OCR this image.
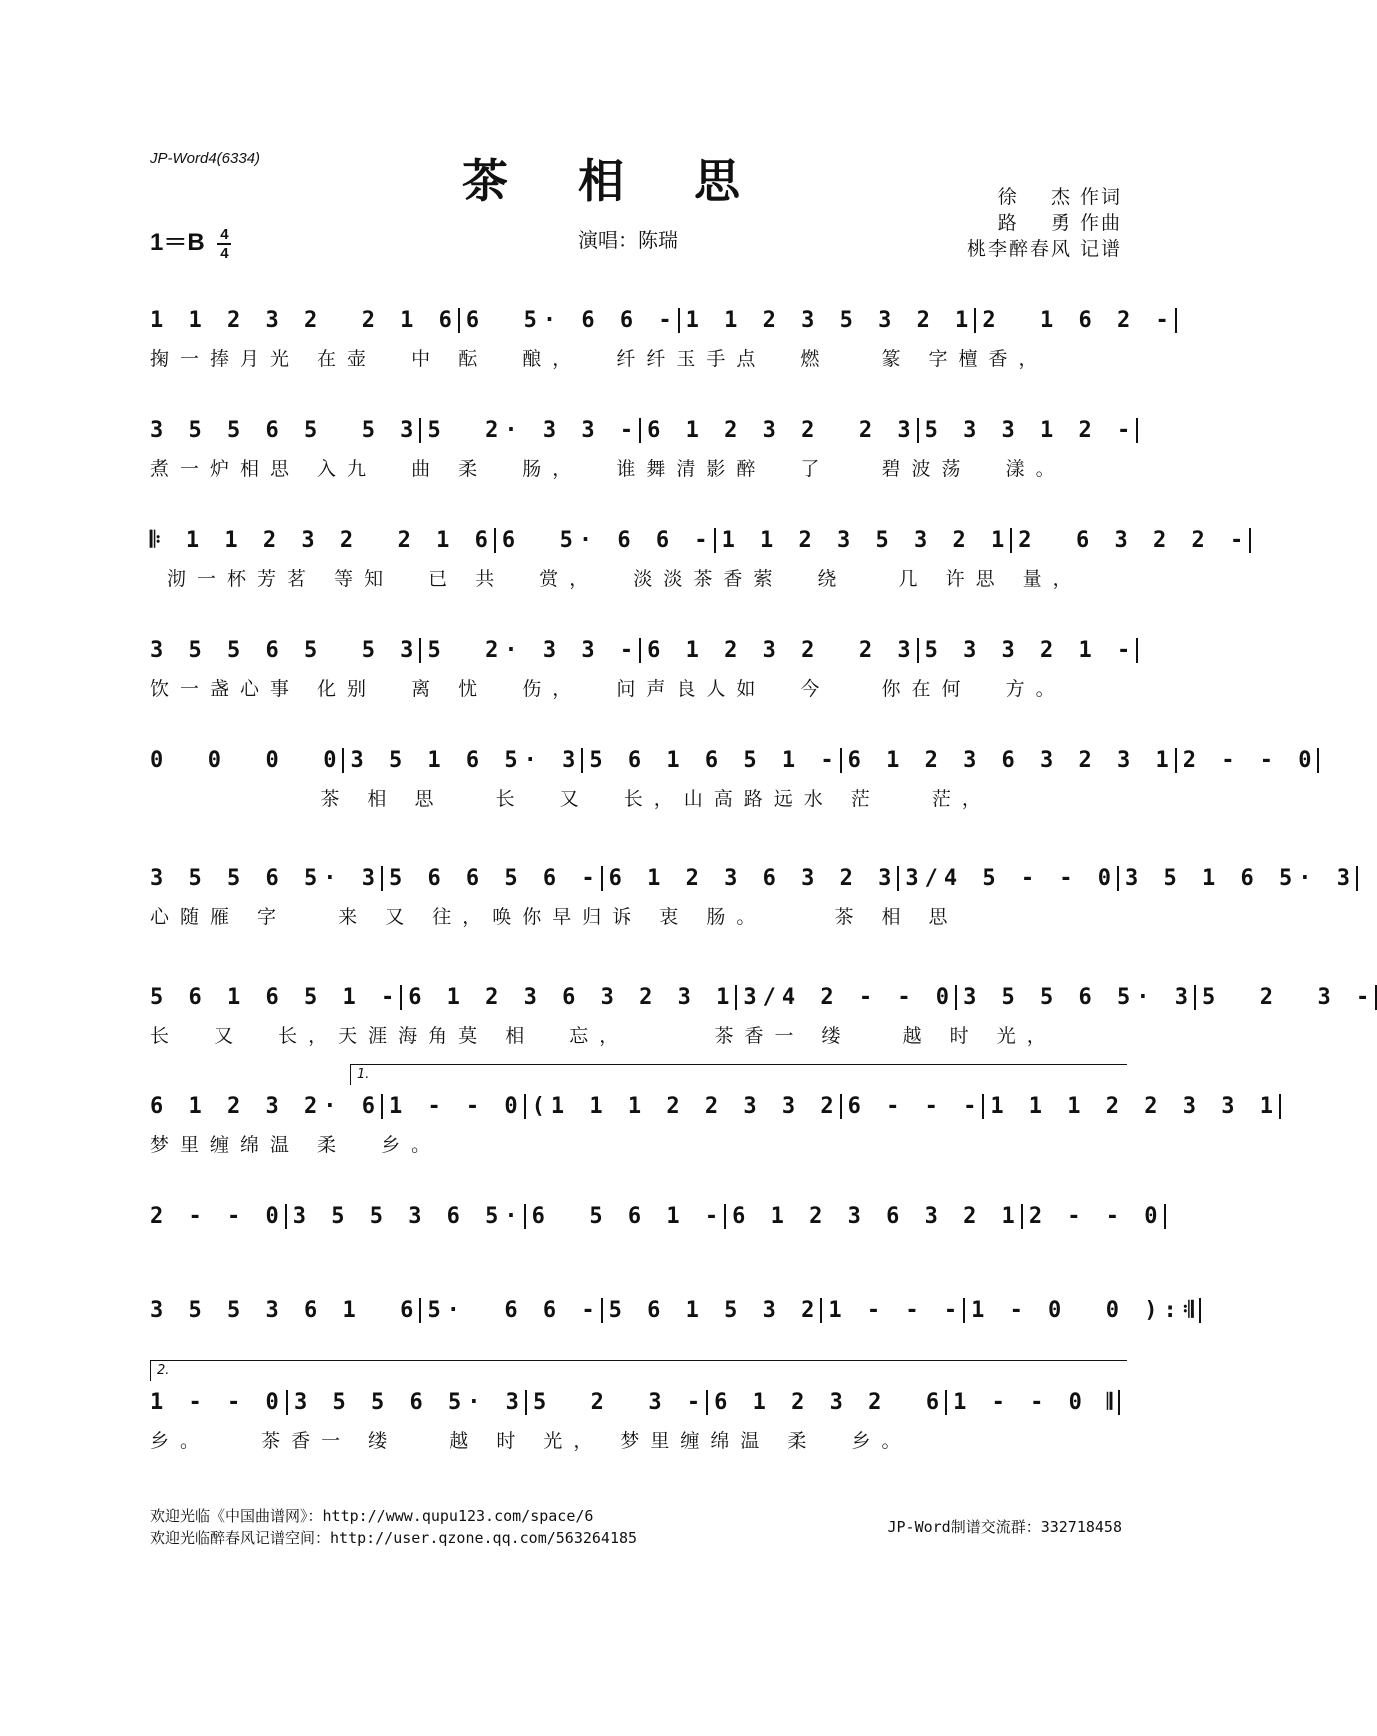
JP-Word4(6334)	茶相思
$1=B \frac{4}{4}$	演唱：陈瑞
徐    杰 作词
路    勇 作曲
桃李醉春风 记谱
1 1 2 3 2  2 1 6 6  5· 6 6 - 1 1 2 3 5 3 2 1 2  1 6 2 -
掬一捧月光 在壶  中 酝  酿，  纤纤玉手点  燃   篆 字檀香，
3 5 5 6 5  5 3 5  2· 3 3 - 6 1 2 3 2  2 3 5 3 3 1 2 -
煮一炉相思 入九  曲 柔  肠，  谁舞清影醉  了   碧波荡  漾。
𝄆 1 1 2 3 2  2 1 6 6  5· 6 6 - 1 1 2 3 5 3 2 1 2  6 3 2 2 -
沏一杯芳茗 等知  已 共  赏，  淡淡茶香萦  绕   几 许思 量，
3 5 5 6 5  5 3 5  2· 3 3 - 6 1 2 3 2  2 3 5 3 3 2 1 -
饮一盏心事 化别  离 忧  伤，  问声良人如  今   你在何  方。
0  0  0  0 3 5 1 6 5· 3 5 6 1 6 5 1 - 6 1 2 3 6 3 2 3 1 2 - - 0
茶 相 思   长  又  长，山高路远水 茫   茫，
3 5 5 6 5· 3 5 6 6 5 6 - 6 1 2 3 6 3 2 3 3/4 5 - - 0 3 5 1 6 5· 3
心随雁 字   来 又 往，唤你早归诉 衷 肠。    茶 相 思
5 6 1 6 5 1 - 6 1 2 3 6 3 2 3 1 3/4 2 - - 0 3 5 5 6 5· 3 5  2  3 -
长  又  长，天涯海角莫 相  忘，     茶香一 缕   越 时 光，
1.
6 1 2 3 2· 6 1 - - 0 (1 1 1 2 2 3 3 2 6 - - - 1 1 1 2 2 3 3 1
梦里缠绵温 柔  乡。
2 - - 0 3 5 5 3 6 5· 6  5 6 1 - 6 1 2 3 6 3 2 1 2 - - 0
3 5 5 3 6 1  6 5·  6 6 - 5 6 1 5 3 2 1 - - - 1 - 0  0 ):𝄇
2.
1 - - 0 3 5 5 6 5· 3 5  2  3 - 6 1 2 3 2  6 1 - - 0 𝄂
乡。   茶香一 缕   越 时 光， 梦里缠绵温 柔  乡。
欢迎光临《中国曲谱网》：http://www.qupu123.com/space/6
欢迎光临醉春风记谱空间：http://user.qzone.qq.com/563264185
JP-Word制谱交流群：332718458
